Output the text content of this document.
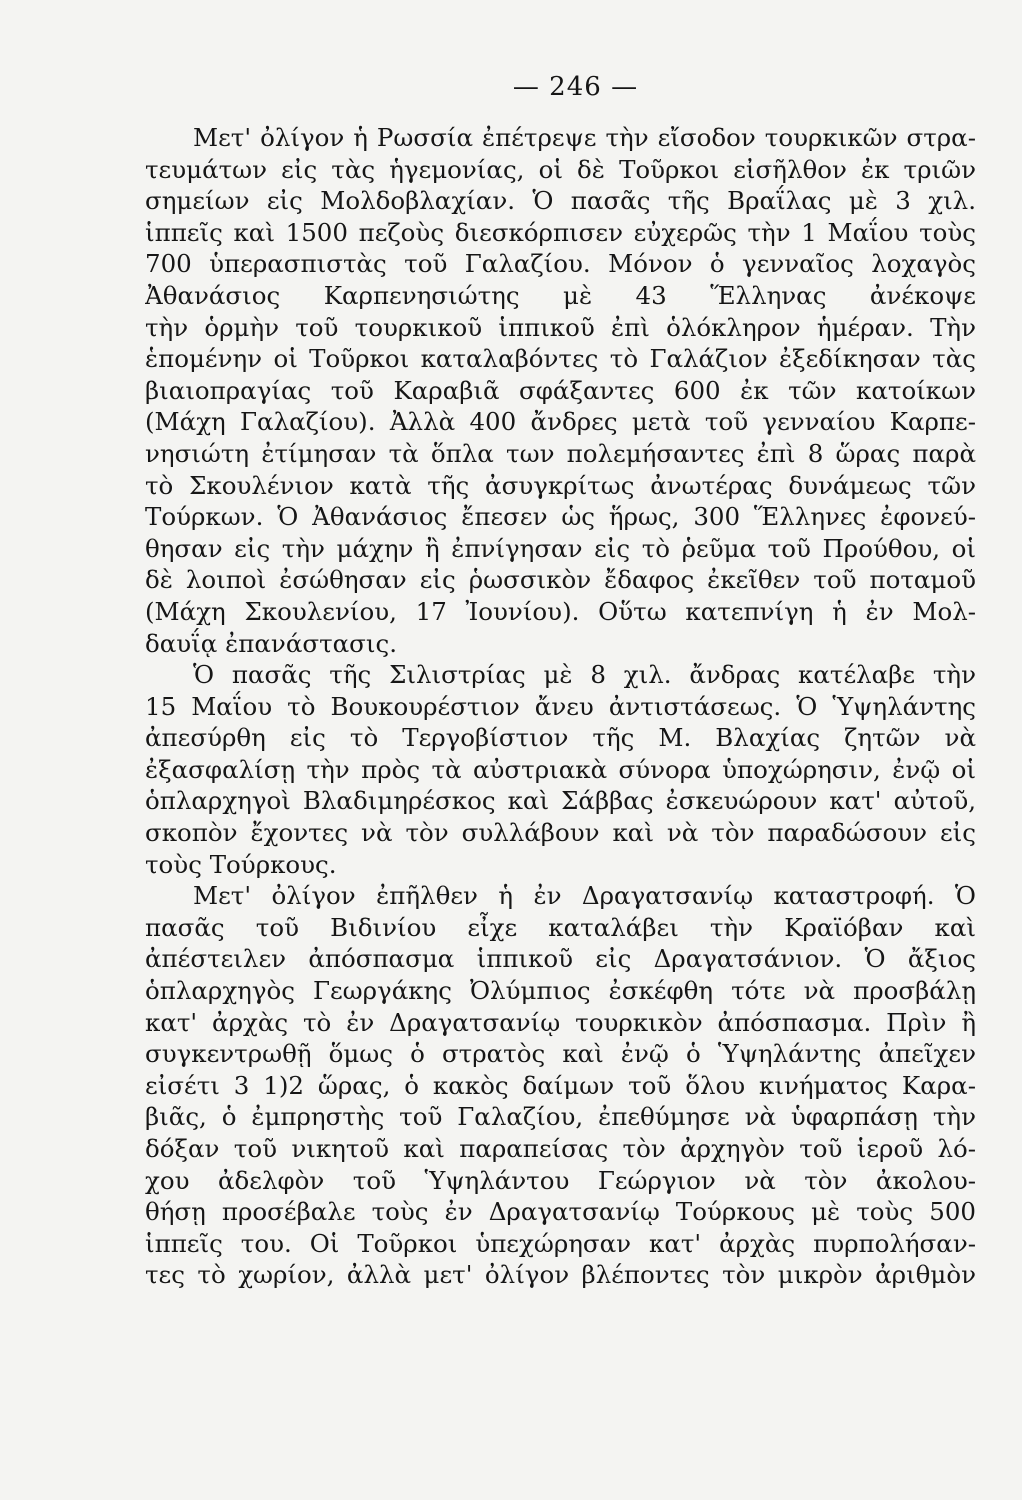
— 246 —

Μετ' ὀλίγον ἡ Ρωσσία ἐπέτρεψε τὴν εἴσοδον τουρκικῶν στρα-
τευμάτων εἰς τὰς ἡγεμονίας, οἱ δὲ Τοῦρκοι εἰσῆλθον ἐκ τριῶν
σημείων εἰς Μολδοβλαχίαν. Ὁ πασᾶς τῆς Βραΐλας μὲ 3 χιλ.
ἱππεῖς καὶ 1500 πεζοὺς διεσκόρπισεν εὐχερῶς τὴν 1 Μαΐου τοὺς
700 ὑπερασπιστὰς τοῦ Γαλαζίου. Μόνον ὁ γενναῖος λοχαγὸς
Ἀθανάσιος Καρπενησιώτης μὲ 43 Ἕλληνας ἀνέκοψε
τὴν ὁρμὴν τοῦ τουρκικοῦ ἱππικοῦ ἐπὶ ὁλόκληρον ἡμέραν. Τὴν
ἑπομένην οἱ Τοῦρκοι καταλαβόντες τὸ Γαλάζιον ἐξεδίκησαν τὰς
βιαιοπραγίας τοῦ Καραβιᾶ σφάξαντες 600 ἐκ τῶν κατοίκων
(Μάχη Γαλαζίου). Ἀλλὰ 400 ἄνδρες μετὰ τοῦ γενναίου Καρπε-
νησιώτη ἐτίμησαν τὰ ὅπλα των πολεμήσαντες ἐπὶ 8 ὥρας παρὰ
τὸ Σκουλένιον κατὰ τῆς ἀσυγκρίτως ἀνωτέρας δυνάμεως τῶν
Τούρκων. Ὁ Ἀθανάσιος ἔπεσεν ὡς ἥρως, 300 Ἕλληνες ἐφονεύ-
θησαν εἰς τὴν μάχην ἢ ἐπνίγησαν εἰς τὸ ῥεῦμα τοῦ Προύθου, οἱ
δὲ λοιποὶ ἐσώθησαν εἰς ῥωσσικὸν ἔδαφος ἐκεῖθεν τοῦ ποταμοῦ
(Μάχη Σκουλενίου, 17 Ἰουνίου). Οὕτω κατεπνίγη ἡ ἐν Μολ-
δαυΐᾳ ἐπανάστασις.

Ὁ πασᾶς τῆς Σιλιστρίας μὲ 8 χιλ. ἄνδρας κατέλαβε τὴν
15 Μαΐου τὸ Βουκουρέστιον ἄνευ ἀντιστάσεως. Ὁ Ὑψηλάντης
ἀπεσύρθη εἰς τὸ Τεργοβίστιον τῆς Μ. Βλαχίας ζητῶν νὰ
ἐξασφαλίσῃ τὴν πρὸς τὰ αὐστριακὰ σύνορα ὑποχώρησιν, ἐνῷ οἱ
ὁπλαρχηγοὶ Βλαδιμηρέσκος καὶ Σάββας ἐσκευώρουν κατ' αὐτοῦ,
σκοπὸν ἔχοντες νὰ τὸν συλλάβουν καὶ νὰ τὸν παραδώσουν εἰς
τοὺς Τούρκους.

Μετ' ὀλίγον ἐπῆλθεν ἡ ἐν Δραγατσανίῳ καταστροφή. Ὁ
πασᾶς τοῦ Βιδινίου εἶχε καταλάβει τὴν Κραϊόβαν καὶ
ἀπέστειλεν ἀπόσπασμα ἱππικοῦ εἰς Δραγατσάνιον. Ὁ ἄξιος
ὁπλαρχηγὸς Γεωργάκης Ὀλύμπιος ἐσκέφθη τότε νὰ προσβάλῃ
κατ' ἀρχὰς τὸ ἐν Δραγατσανίῳ τουρκικὸν ἀπόσπασμα. Πρὶν ἢ
συγκεντρωθῇ ὅμως ὁ στρατὸς καὶ ἐνῷ ὁ Ὑψηλάντης ἀπεῖχεν
εἰσέτι 3 1)2 ὥρας, ὁ κακὸς δαίμων τοῦ ὅλου κινήματος Καρα-
βιᾶς, ὁ ἐμπρηστὴς τοῦ Γαλαζίου, ἐπεθύμησε νὰ ὑφαρπάσῃ τὴν
δόξαν τοῦ νικητοῦ καὶ παραπείσας τὸν ἀρχηγὸν τοῦ ἱεροῦ λό-
χου ἀδελφὸν τοῦ Ὑψηλάντου Γεώργιον νὰ τὸν ἀκολου-
θήσῃ προσέβαλε τοὺς ἐν Δραγατσανίῳ Τούρκους μὲ τοὺς 500
ἱππεῖς του. Οἱ Τοῦρκοι ὑπεχώρησαν κατ' ἀρχὰς πυρπολήσαν-
τες τὸ χωρίον, ἀλλὰ μετ' ὀλίγον βλέποντες τὸν μικρὸν ἀριθμὸν
